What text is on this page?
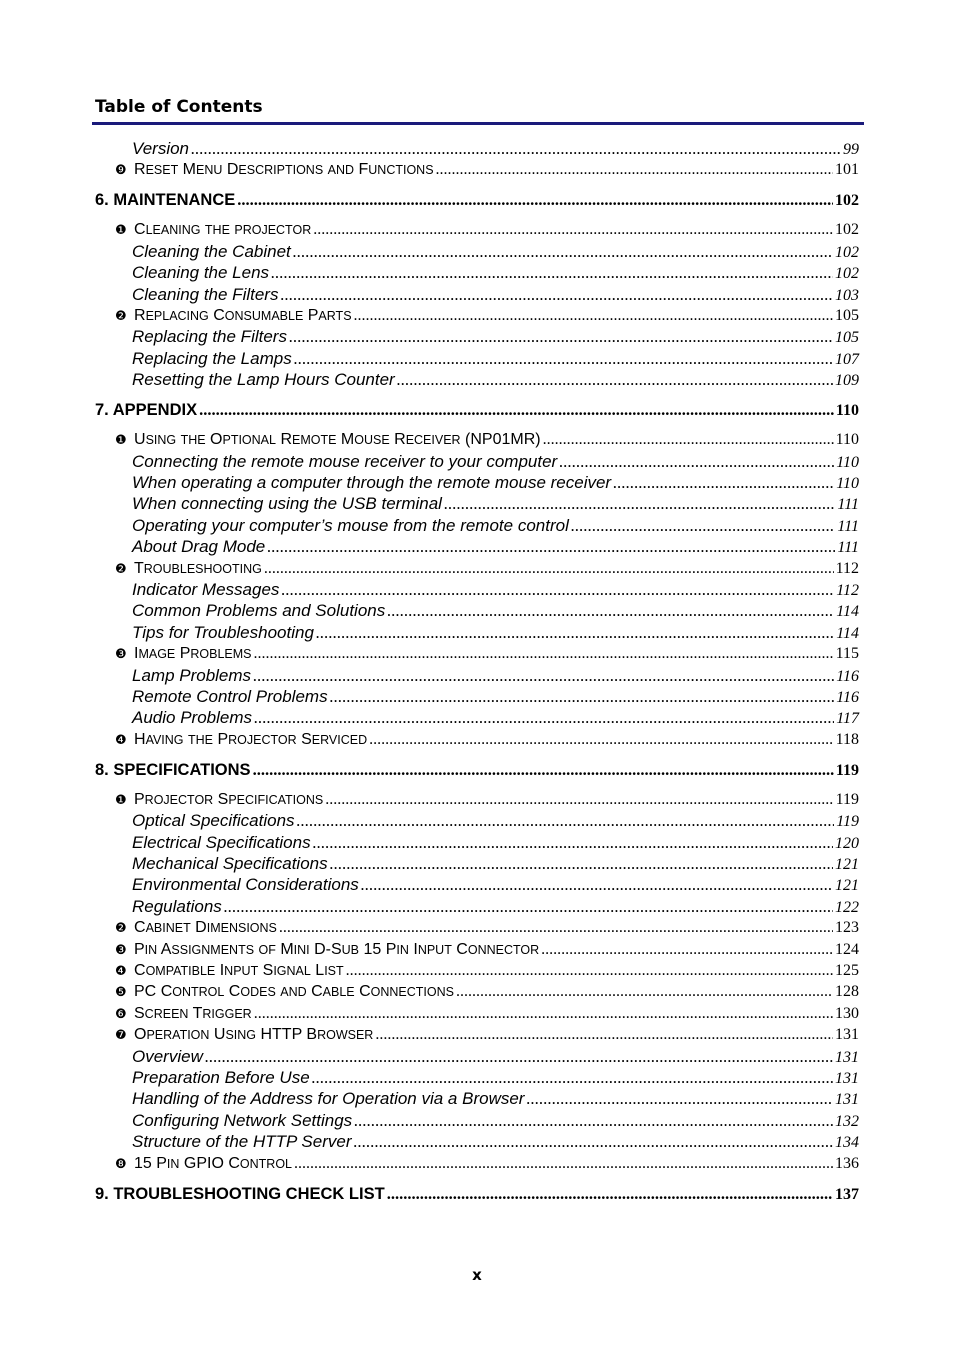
Table of Contents
Version .....	99
❾ RESET MENU DESCRIPTIONS AND FUNCTIONS .....	101
6. MAINTENANCE .....	102
❶ CLEANING THE PROJECTOR .....	102
Cleaning the Cabinet .....	102
Cleaning the Lens .....	102
Cleaning the Filters .....	103
❷ REPLACING CONSUMABLE PARTS .....	105
Replacing the Filters .....	105
Replacing the Lamps .....	107
Resetting the Lamp Hours Counter .....	109
7. APPENDIX .....	110
❶ USING THE OPTIONAL REMOTE MOUSE RECEIVER (NP01MR) .....	110
Connecting the remote mouse receiver to your computer .....	110
When operating a computer through the remote mouse receiver .....	110
When connecting using the USB terminal .....	111
Operating your computer’s mouse from the remote control .....	111
About Drag Mode .....	111
❷ TROUBLESHOOTING .....	112
Indicator Messages .....	112
Common Problems and Solutions .....	114
Tips for Troubleshooting .....	114
❸ IMAGE PROBLEMS .....	115
Lamp Problems .....	116
Remote Control Problems .....	116
Audio Problems .....	117
❹ HAVING THE PROJECTOR SERVICED .....	118
8. SPECIFICATIONS .....	119
❶ PROJECTOR SPECIFICATIONS .....	119
Optical Specifications .....	119
Electrical Specifications .....	120
Mechanical Specifications .....	121
Environmental Considerations .....	121
Regulations .....	122
❷ CABINET DIMENSIONS .....	123
❸ PIN ASSIGNMENTS OF MINI D-SUB 15 PIN INPUT CONNECTOR .....	124
❹ COMPATIBLE INPUT SIGNAL LIST .....	125
❺ PC CONTROL CODES AND CABLE CONNECTIONS .....	128
❻ SCREEN TRIGGER .....	130
❼ OPERATION USING HTTP BROWSER .....	131
Overview .....	131
Preparation Before Use .....	131
Handling of the Address for Operation via a Browser .....	131
Configuring Network Settings .....	132
Structure of the HTTP Server .....	134
❽ 15 PIN GPIO CONTROL .....	136
9. TROUBLESHOOTING CHECK LIST .....	137
x
